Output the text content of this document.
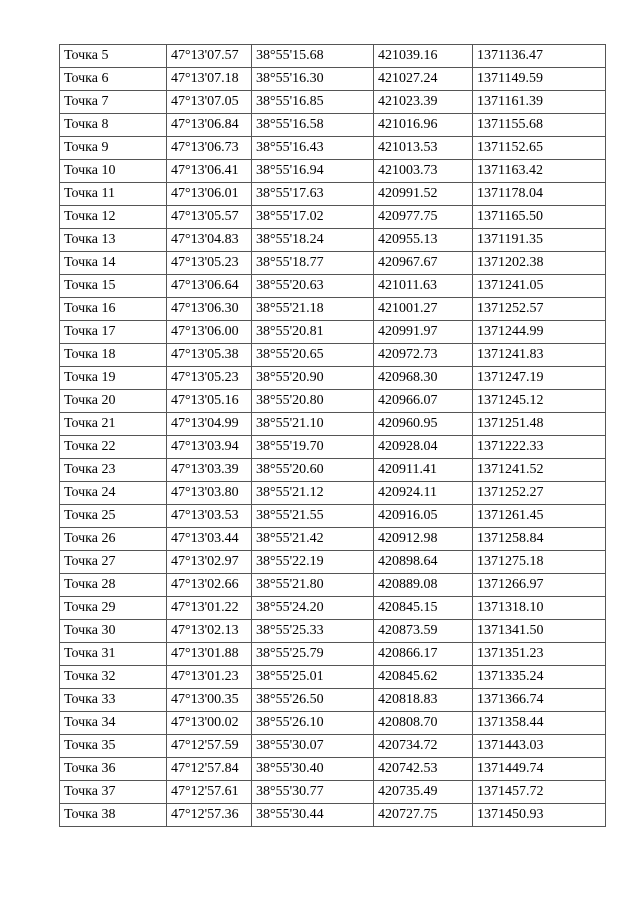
Точка 5	47°13'07.57	38°55'15.68	421039.16	1371136.47
Точка 6	47°13'07.18	38°55'16.30	421027.24	1371149.59
Точка 7	47°13'07.05	38°55'16.85	421023.39	1371161.39
Точка 8	47°13'06.84	38°55'16.58	421016.96	1371155.68
Точка 9	47°13'06.73	38°55'16.43	421013.53	1371152.65
Точка 10	47°13'06.41	38°55'16.94	421003.73	1371163.42
Точка 11	47°13'06.01	38°55'17.63	420991.52	1371178.04
Точка 12	47°13'05.57	38°55'17.02	420977.75	1371165.50
Точка 13	47°13'04.83	38°55'18.24	420955.13	1371191.35
Точка 14	47°13'05.23	38°55'18.77	420967.67	1371202.38
Точка 15	47°13'06.64	38°55'20.63	421011.63	1371241.05
Точка 16	47°13'06.30	38°55'21.18	421001.27	1371252.57
Точка 17	47°13'06.00	38°55'20.81	420991.97	1371244.99
Точка 18	47°13'05.38	38°55'20.65	420972.73	1371241.83
Точка 19	47°13'05.23	38°55'20.90	420968.30	1371247.19
Точка 20	47°13'05.16	38°55'20.80	420966.07	1371245.12
Точка 21	47°13'04.99	38°55'21.10	420960.95	1371251.48
Точка 22	47°13'03.94	38°55'19.70	420928.04	1371222.33
Точка 23	47°13'03.39	38°55'20.60	420911.41	1371241.52
Точка 24	47°13'03.80	38°55'21.12	420924.11	1371252.27
Точка 25	47°13'03.53	38°55'21.55	420916.05	1371261.45
Точка 26	47°13'03.44	38°55'21.42	420912.98	1371258.84
Точка 27	47°13'02.97	38°55'22.19	420898.64	1371275.18
Точка 28	47°13'02.66	38°55'21.80	420889.08	1371266.97
Точка 29	47°13'01.22	38°55'24.20	420845.15	1371318.10
Точка 30	47°13'02.13	38°55'25.33	420873.59	1371341.50
Точка 31	47°13'01.88	38°55'25.79	420866.17	1371351.23
Точка 32	47°13'01.23	38°55'25.01	420845.62	1371335.24
Точка 33	47°13'00.35	38°55'26.50	420818.83	1371366.74
Точка 34	47°13'00.02	38°55'26.10	420808.70	1371358.44
Точка 35	47°12'57.59	38°55'30.07	420734.72	1371443.03
Точка 36	47°12'57.84	38°55'30.40	420742.53	1371449.74
Точка 37	47°12'57.61	38°55'30.77	420735.49	1371457.72
Точка 38	47°12'57.36	38°55'30.44	420727.75	1371450.93
